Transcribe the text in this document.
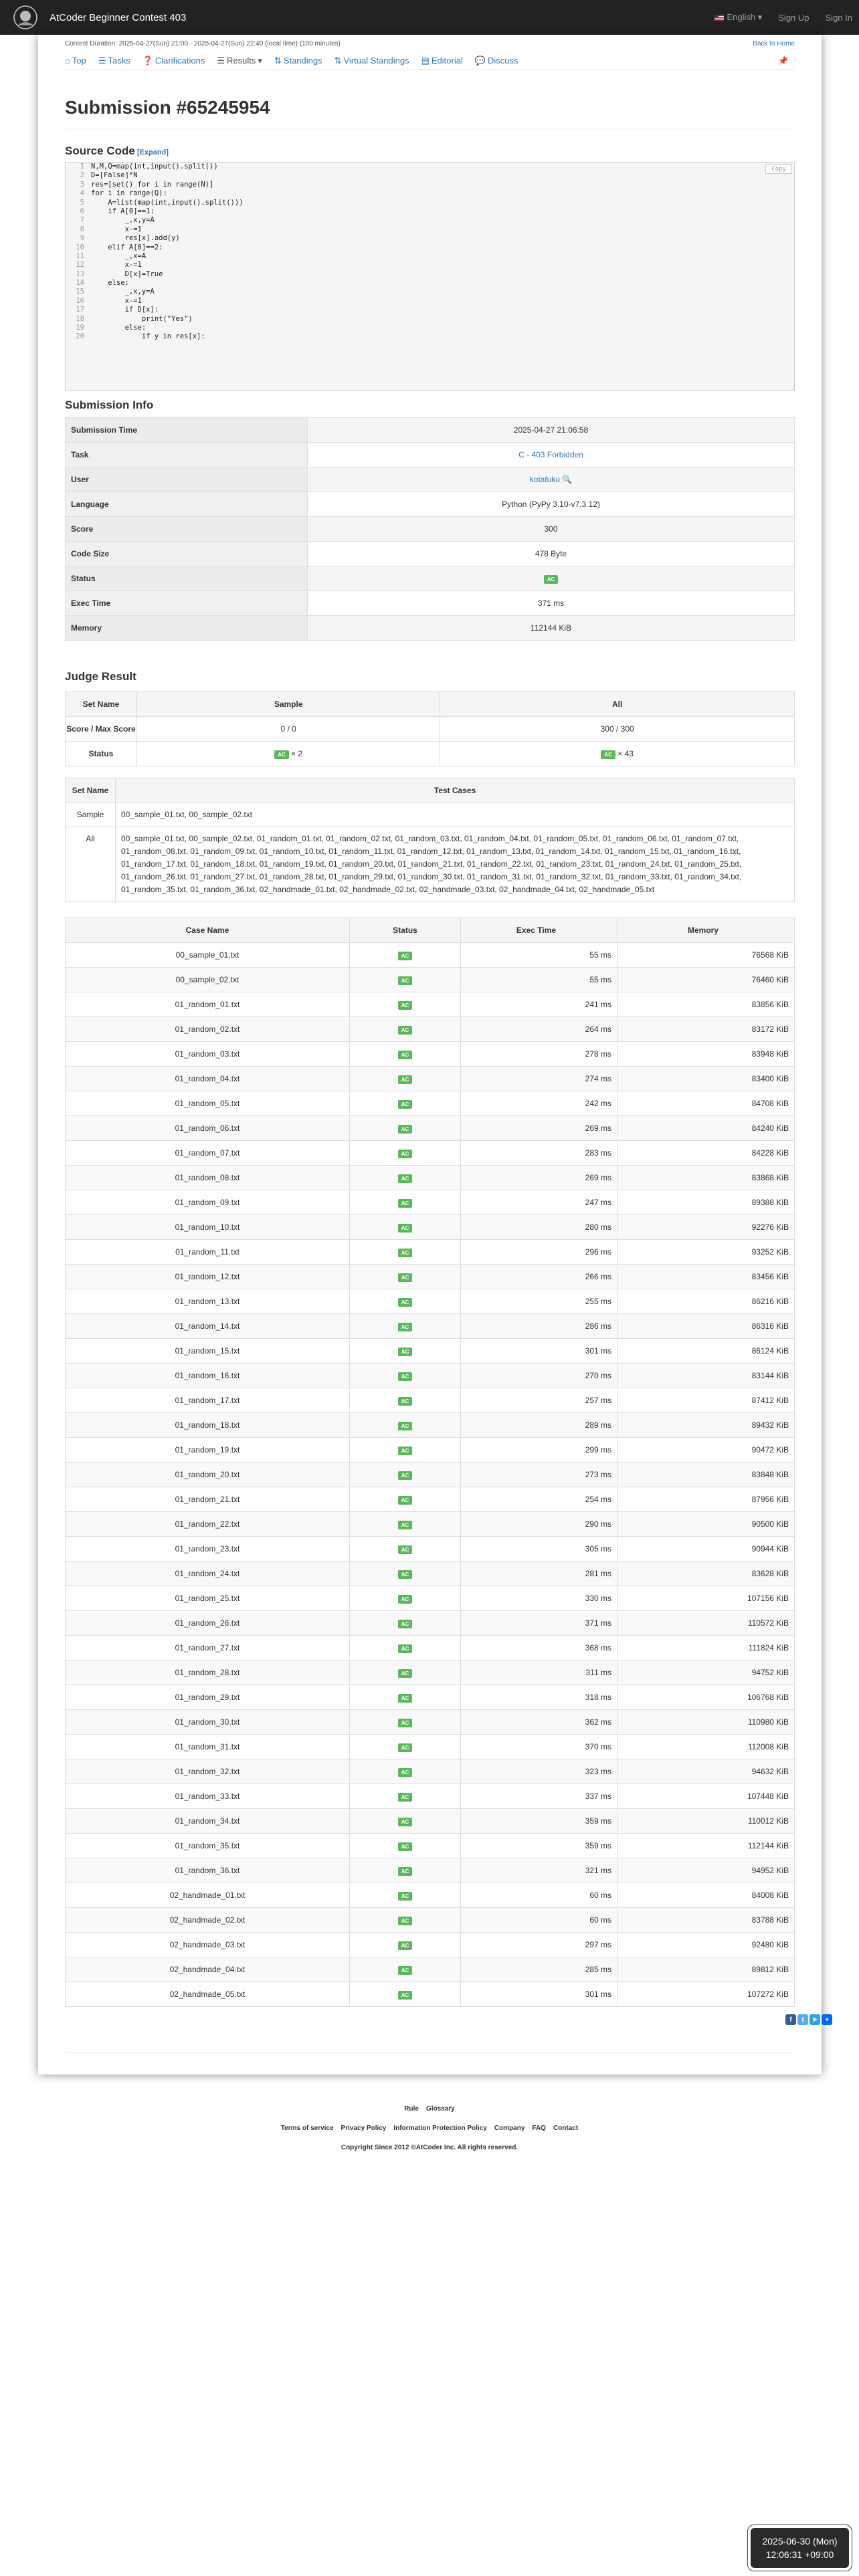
AtCoder Beginner Contest 403	English ▾ Sign Up Sign In
Contest Duration: 2025-04-27(Sun) 21:00 - 2025-04-27(Sun) 22:40 (local time) (100 minutes)	Back to Home
⌂ Top ☰ Tasks ❓ Clarifications ☰ Results ▾ ⇅ Standings ⇅ Virtual Standings ▤ Editorial 💬 Discuss	📌
Submission #65245954
Source Code [Expand]
Copy
1 N,M,Q=map(int,input().split())
2 D=[False]*N
3 res=[set() for i in range(N)]
4 for i in range(Q):
5 A=list(map(int,input().split()))
6 if A[0]==1:
7 _,x,y=A
8 x-=1
9 res[x].add(y)
10 elif A[0]==2:
11 _,x=A
12 x-=1
13 D[x]=True
14 else:
15 _,x,y=A
16 x-=1
17 if D[x]:
18 print("Yes")
19 else:
20 if y in res[x]:
Submission Info
Submission Time	2025-04-27 21:06:58
Task	C - 403 Forbidden
User	kotafuku 🔍
Language	Python (PyPy 3.10-v7.3.12)
Score	300
Code Size	478 Byte
Status	AC
Exec Time	371 ms
Memory	112144 KiB
Judge Result
Set Name	Sample	All
Score / Max Score	0 / 0	300 / 300
Status	AC × 2	AC × 43
Set Name	Test Cases
Sample	00_sample_01.txt, 00_sample_02.txt
All	00_sample_01.txt, 00_sample_02.txt, 01_random_01.txt, 01_random_02.txt, 01_random_03.txt, 01_random_04.txt, 01_random_05.txt, 01_random_06.txt, 01_random_07.txt, 01_random_08.txt, 01_random_09.txt, 01_random_10.txt, 01_random_11.txt, 01_random_12.txt, 01_random_13.txt, 01_random_14.txt, 01_random_15.txt, 01_random_16.txt, 01_random_17.txt, 01_random_18.txt, 01_random_19.txt, 01_random_20.txt, 01_random_21.txt, 01_random_22.txt, 01_random_23.txt, 01_random_24.txt, 01_random_25.txt, 01_random_26.txt, 01_random_27.txt, 01_random_28.txt, 01_random_29.txt, 01_random_30.txt, 01_random_31.txt, 01_random_32.txt, 01_random_33.txt, 01_random_34.txt, 01_random_35.txt, 01_random_36.txt, 02_handmade_01.txt, 02_handmade_02.txt, 02_handmade_03.txt, 02_handmade_04.txt, 02_handmade_05.txt
Case Name	Status	Exec Time	Memory
00_sample_01.txt	AC	55 ms	76568 KiB
00_sample_02.txt	AC	55 ms	76460 KiB
01_random_01.txt	AC	241 ms	83856 KiB
01_random_02.txt	AC	264 ms	83172 KiB
01_random_03.txt	AC	278 ms	83948 KiB
01_random_04.txt	AC	274 ms	83400 KiB
01_random_05.txt	AC	242 ms	84708 KiB
01_random_06.txt	AC	269 ms	84240 KiB
01_random_07.txt	AC	283 ms	84228 KiB
01_random_08.txt	AC	269 ms	83868 KiB
01_random_09.txt	AC	247 ms	89388 KiB
01_random_10.txt	AC	280 ms	92276 KiB
01_random_11.txt	AC	296 ms	93252 KiB
01_random_12.txt	AC	266 ms	83456 KiB
01_random_13.txt	AC	255 ms	86216 KiB
01_random_14.txt	AC	286 ms	86316 KiB
01_random_15.txt	AC	301 ms	86124 KiB
01_random_16.txt	AC	270 ms	83144 KiB
01_random_17.txt	AC	257 ms	87412 KiB
01_random_18.txt	AC	289 ms	89432 KiB
01_random_19.txt	AC	299 ms	90472 KiB
01_random_20.txt	AC	273 ms	83848 KiB
01_random_21.txt	AC	254 ms	87956 KiB
01_random_22.txt	AC	290 ms	90500 KiB
01_random_23.txt	AC	305 ms	90944 KiB
01_random_24.txt	AC	281 ms	83628 KiB
01_random_25.txt	AC	330 ms	107156 KiB
01_random_26.txt	AC	371 ms	110572 KiB
01_random_27.txt	AC	368 ms	111824 KiB
01_random_28.txt	AC	311 ms	94752 KiB
01_random_29.txt	AC	318 ms	106768 KiB
01_random_30.txt	AC	362 ms	110980 KiB
01_random_31.txt	AC	370 ms	112008 KiB
01_random_32.txt	AC	323 ms	94632 KiB
01_random_33.txt	AC	337 ms	107448 KiB
01_random_34.txt	AC	359 ms	110012 KiB
01_random_35.txt	AC	359 ms	112144 KiB
01_random_36.txt	AC	321 ms	94952 KiB
02_handmade_01.txt	AC	60 ms	84008 KiB
02_handmade_02.txt	AC	60 ms	83788 KiB
02_handmade_03.txt	AC	297 ms	92480 KiB
02_handmade_04.txt	AC	285 ms	89812 KiB
02_handmade_05.txt	AC	301 ms	107272 KiB
f	t	➤	+
Rule Glossary
Terms of service Privacy Policy Information Protection Policy Company FAQ Contact
Copyright Since 2012 ©AtCoder Inc. All rights reserved.
2025-06-30 (Mon)
12:06:31 +09:00
